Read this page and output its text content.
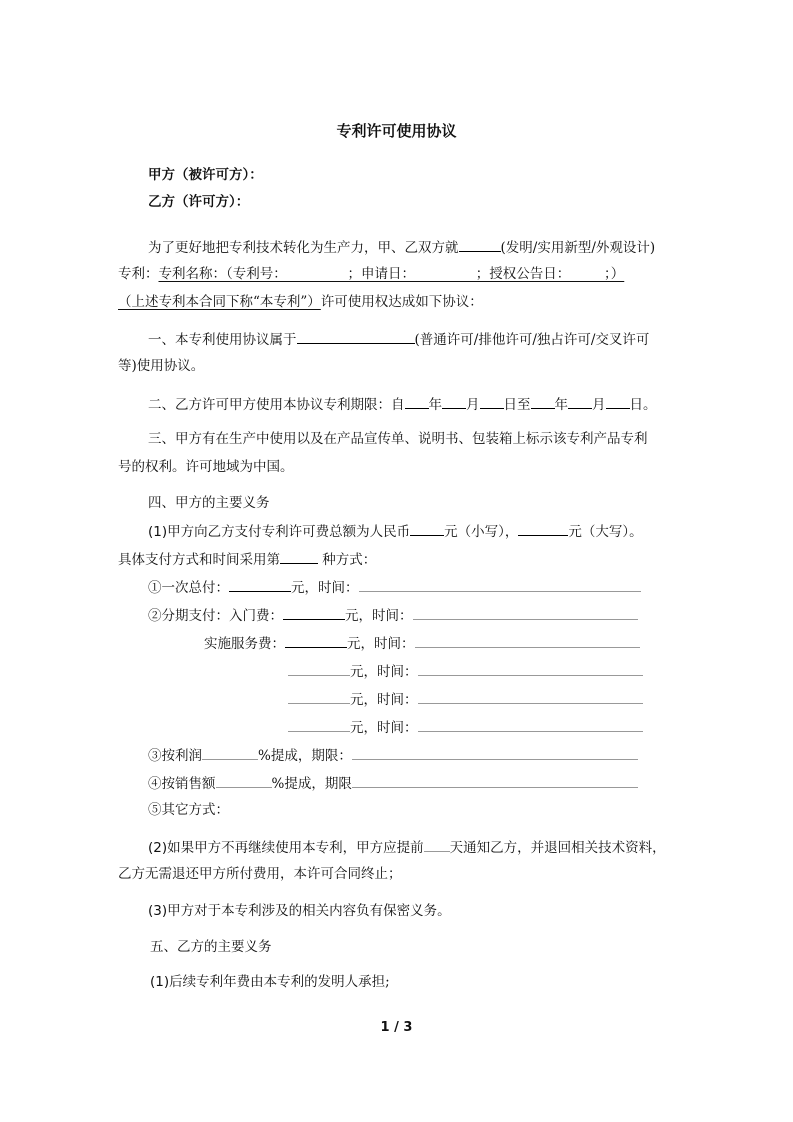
专利许可使用协议
甲方（被许可方）：
乙方（许可方）：
为了更好地把专利技术转化为生产力，甲、乙双方就	(发明/实用新型/外观设计)
专利：专利名称：（专利号：　　　　　；申请日：　　　　　；授权公告日：　　　；）
（上述专利本合同下称“本专利”）许可使用权达成如下协议：
一、本专利使用协议属于	(普通许可/排他许可/独占许可/交叉许可
等)使用协议。
二、乙方许可甲方使用本协议专利期限：自 年 月 日至 年 月 日。
三、甲方有在生产中使用以及在产品宣传单、说明书、包装箱上标示该专利产品专利
号的权利。许可地域为中国。
四、甲方的主要义务
(1)甲方向乙方支付专利许可费总额为人民币	元（小写），	元（大写）。
具体支付方式和时间采用第	种方式：
①一次总付：	元，时间：
②分期支付：入门费：	元，时间：
实施服务费：	元，时间：
元，时间：
元，时间：
元，时间：
③按利润	%提成，期限：
④按销售额	%提成，期限
⑤其它方式：
(2)如果甲方不再继续使用本专利，甲方应提前 天通知乙方，并退回相关技术资料，
乙方无需退还甲方所付费用，本许可合同终止；
(3)甲方对于本专利涉及的相关内容负有保密义务。
五、乙方的主要义务
(1)后续专利年费由本专利的发明人承担;
1 / 3
